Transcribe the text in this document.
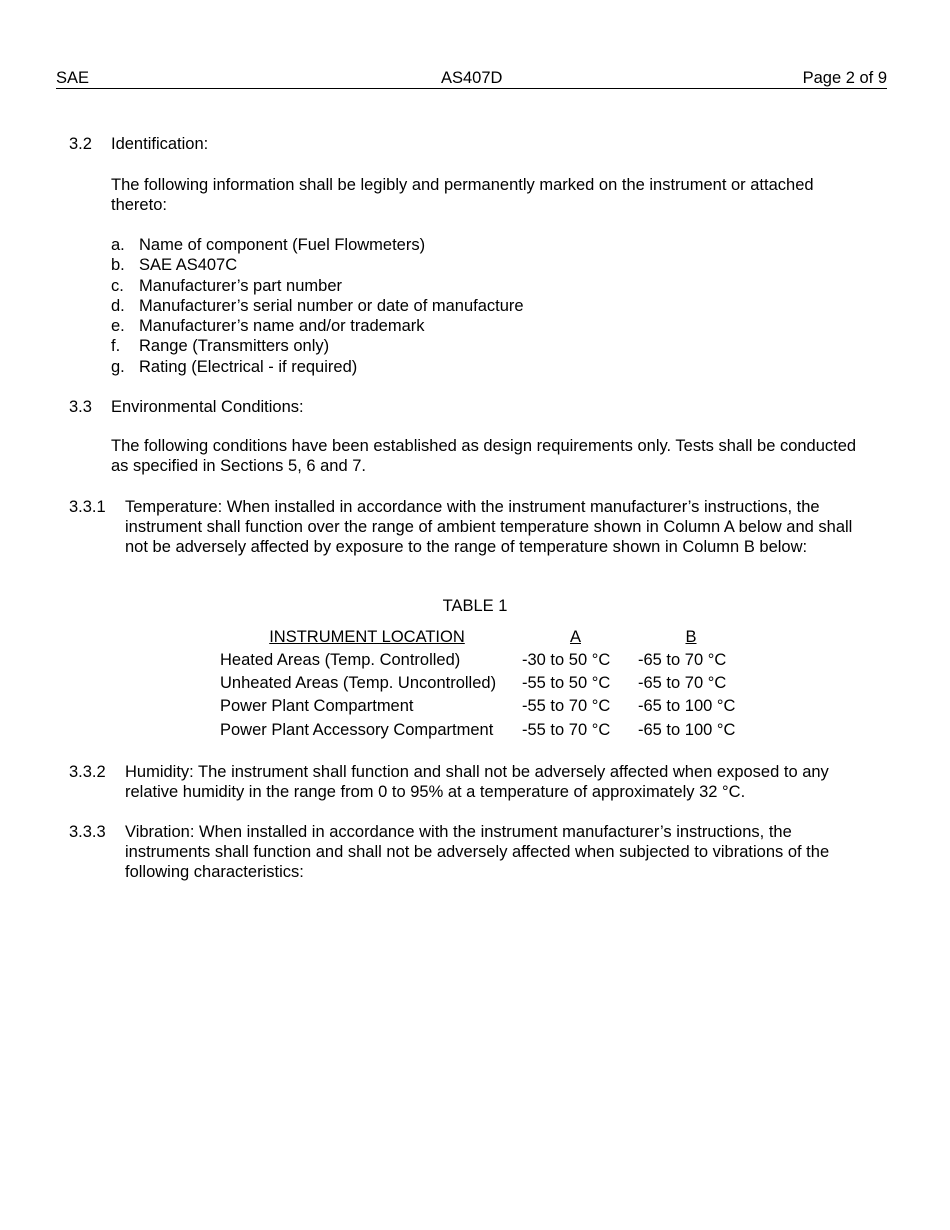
SAE	AS407D	Page 2 of 9
3.2 Identification:
The following information shall be legibly and permanently marked on the instrument or attached thereto:
a. Name of component (Fuel Flowmeters)
b. SAE AS407C
c. Manufacturer’s part number
d. Manufacturer’s serial number or date of manufacture
e. Manufacturer’s name and/or trademark
f. Range (Transmitters only)
g. Rating (Electrical - if required)
3.3 Environmental Conditions:
The following conditions have been established as design requirements only. Tests shall be conducted as specified in Sections 5, 6 and 7.
3.3.1 Temperature: When installed in accordance with the instrument manufacturer’s instructions, the instrument shall function over the range of ambient temperature shown in Column A below and shall not be adversely affected by exposure to the range of temperature shown in Column B below:
TABLE 1
INSTRUMENT LOCATION	A	B
Heated Areas (Temp. Controlled)	-30 to 50 °C	-65 to 70 °C
Unheated Areas (Temp. Uncontrolled)	-55 to 50 °C	-65 to 70 °C
Power Plant Compartment	-55 to 70 °C	-65 to 100 °C
Power Plant Accessory Compartment	-55 to 70 °C	-65 to 100 °C
3.3.2 Humidity: The instrument shall function and shall not be adversely affected when exposed to any relative humidity in the range from 0 to 95% at a temperature of approximately 32 °C.
3.3.3 Vibration: When installed in accordance with the instrument manufacturer’s instructions, the instruments shall function and shall not be adversely affected when subjected to vibrations of the following characteristics:
